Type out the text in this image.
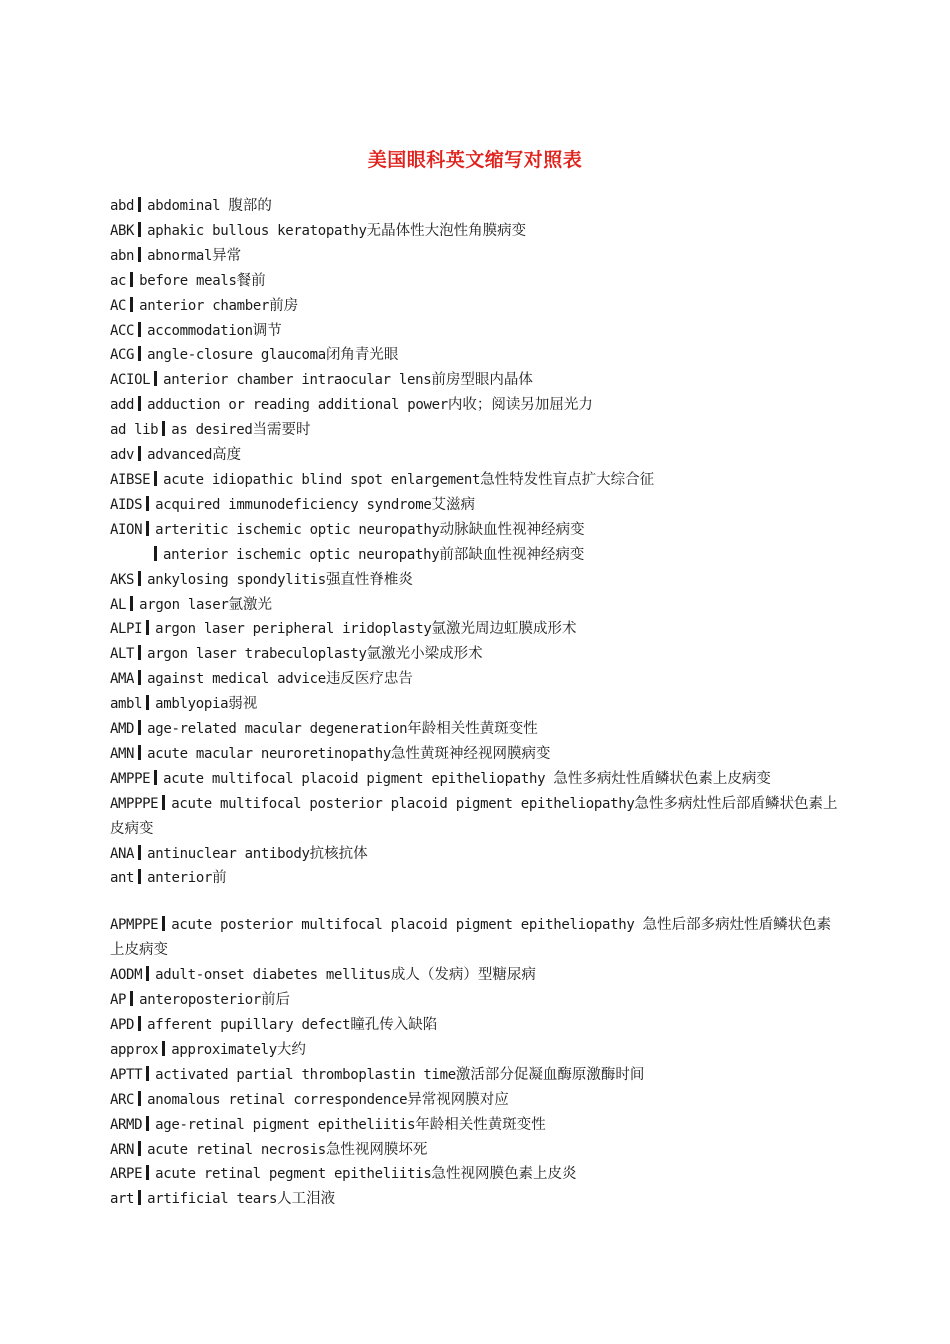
美国眼科英文缩写对照表
abd abdominal 腹部的
ABK aphakic bullous keratopathy无晶体性大泡性角膜病变
abn abnormal异常
ac before meals餐前
AC anterior chamber前房
ACC accommodation调节
ACG angle-closure glaucoma闭角青光眼
ACIOL anterior chamber intraocular lens前房型眼内晶体
add adduction or reading additional power内收；阅读另加屈光力
ad lib as desired当需要时
adv advanced高度
AIBSE acute idiopathic blind spot enlargement急性特发性盲点扩大综合征
AIDS acquired immunodeficiency syndrome艾滋病
AION arteritic ischemic optic neuropathy动脉缺血性视神经病变
anterior ischemic optic neuropathy前部缺血性视神经病变
AKS ankylosing spondylitis强直性脊椎炎
AL argon laser氩激光
ALPI argon laser peripheral iridoplasty氩激光周边虹膜成形术
ALT argon laser trabeculoplasty氩激光小梁成形术
AMA against medical advice违反医疗忠告
ambl amblyopia弱视
AMD age-related macular degeneration年龄相关性黄斑变性
AMN acute macular neuroretinopathy急性黄斑神经视网膜病变
AMPPE acute multifocal placoid pigment epitheliopathy 急性多病灶性盾鳞状色素上皮病变
AMPPPE acute multifocal posterior placoid pigment epitheliopathy急性多病灶性后部盾鳞状色素上皮病变
ANA antinuclear antibody抗核抗体
ant anterior前
APMPPE acute posterior multifocal placoid pigment epitheliopathy 急性后部多病灶性盾鳞状色素上皮病变
AODM adult-onset diabetes mellitus成人（发病）型糖尿病
AP anteroposterior前后
APD afferent pupillary defect瞳孔传入缺陷
approx approximately大约
APTT activated partial thromboplastin time激活部分促凝血酶原激酶时间
ARC anomalous retinal correspondence异常视网膜对应
ARMD age-retinal pigment epitheliitis年龄相关性黄斑变性
ARN acute retinal necrosis急性视网膜坏死
ARPE acute retinal pegment epitheliitis急性视网膜色素上皮炎
art artificial tears人工泪液
